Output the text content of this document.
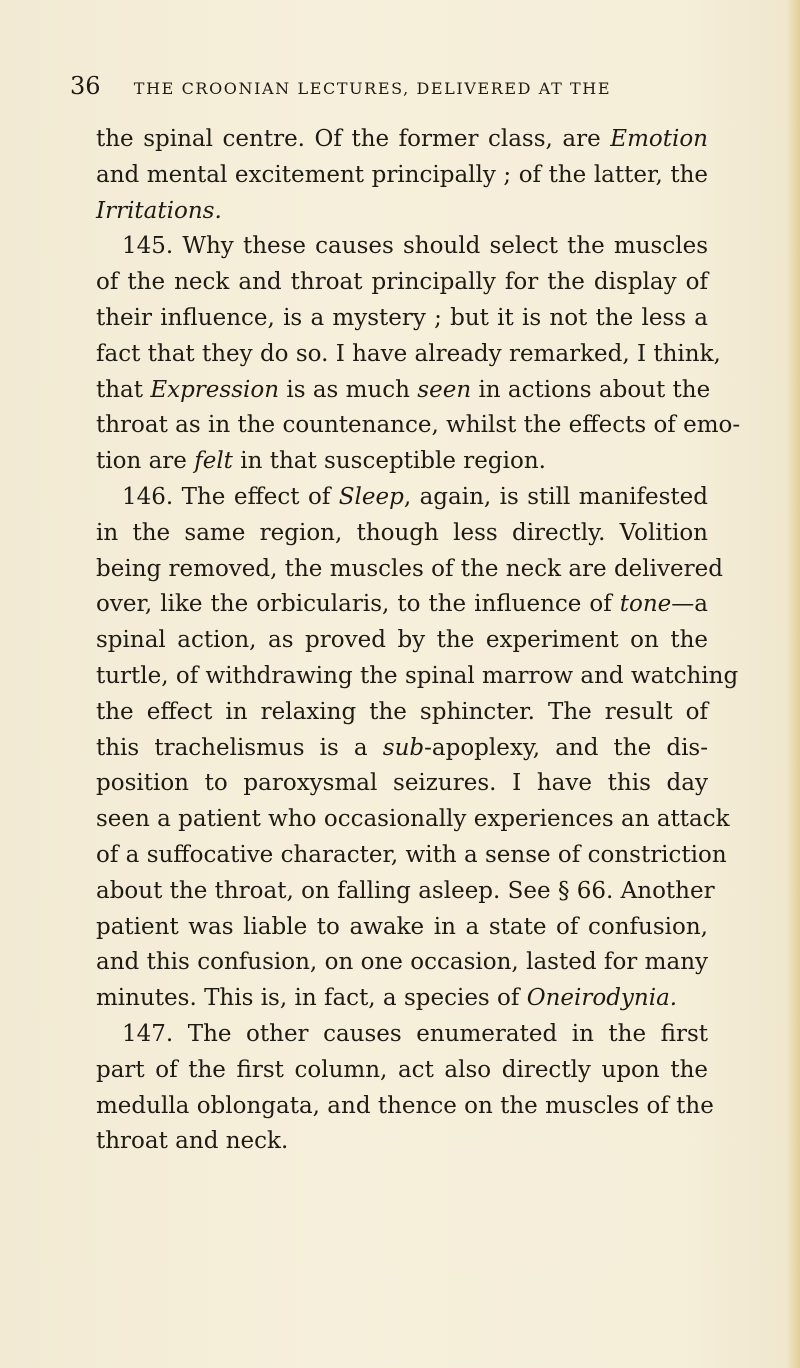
36 THE CROONIAN LECTURES, DELIVERED AT THE
the spinal centre. Of the former class, are Emotion
and mental excitement principally ; of the latter, the
Irritations.
145. Why these causes should select the muscles
of the neck and throat principally for the display of
their influence, is a mystery ; but it is not the less a
fact that they do so. I have already remarked, I think,
that Expression is as much seen in actions about the
throat as in the countenance, whilst the effects of emo-
tion are felt in that susceptible region.
146. The effect of Sleep, again, is still manifested
in the same region, though less directly. Volition
being removed, the muscles of the neck are delivered
over, like the orbicularis, to the influence of tone—a
spinal action, as proved by the experiment on the
turtle, of withdrawing the spinal marrow and watching
the effect in relaxing the sphincter. The result of
this trachelismus is a sub-apoplexy, and the dis-
position to paroxysmal seizures. I have this day
seen a patient who occasionally experiences an attack
of a suffocative character, with a sense of constriction
about the throat, on falling asleep. See § 66. Another
patient was liable to awake in a state of confusion,
and this confusion, on one occasion, lasted for many
minutes. This is, in fact, a species of Oneirodynia.
147. The other causes enumerated in the first
part of the first column, act also directly upon the
medulla oblongata, and thence on the muscles of the
throat and neck.
